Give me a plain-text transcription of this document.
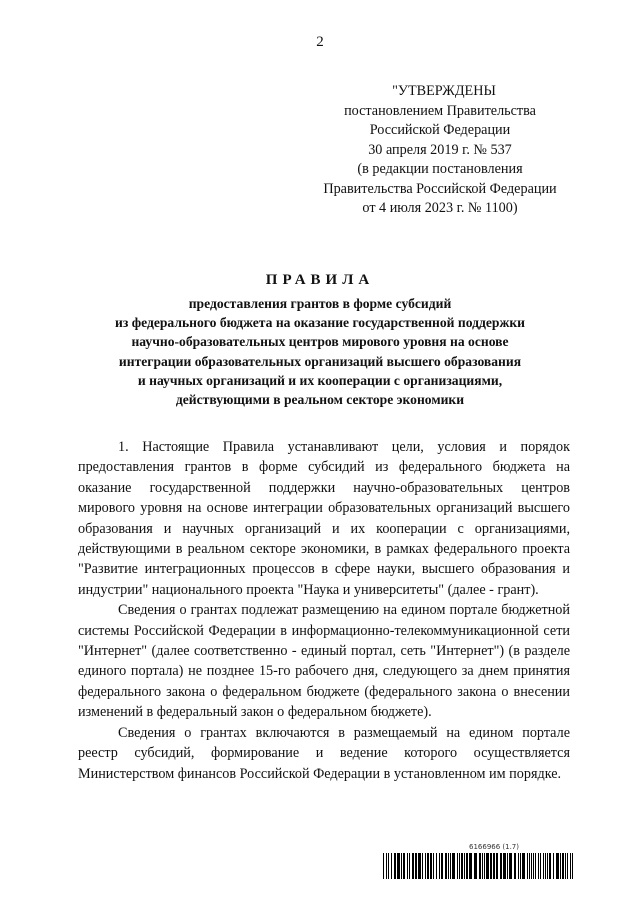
2
"УТВЕРЖДЕНЫ
постановлением Правительства
Российской Федерации
30 апреля 2019 г. № 537
(в редакции постановления
Правительства Российской Федерации
от 4 июля 2023 г. № 1100)
ПРАВИЛА
предоставления грантов в форме субсидий
из федерального бюджета на оказание государственной поддержки
научно-образовательных центров мирового уровня на основе
интеграции образовательных организаций высшего образования
и научных организаций и их кооперации с организациями,
действующими в реальном секторе экономики

1. Настоящие Правила устанавливают цели, условия и порядок предоставления грантов в форме субсидий из федерального бюджета на оказание государственной поддержки научно-образовательных центров мирового уровня на основе интеграции образовательных организаций высшего образования и научных организаций и их кооперации с организациями, действующими в реальном секторе экономики, в рамках федерального проекта "Развитие интеграционных процессов в сфере науки, высшего образования и индустрии" национального проекта "Наука и университеты" (далее - грант).

Сведения о грантах подлежат размещению на едином портале бюджетной системы Российской Федерации в информационно-телекоммуникационной сети "Интернет" (далее соответственно - единый портал, сеть "Интернет") (в разделе единого портала) не позднее 15-го рабочего дня, следующего за днем принятия федерального закона о федеральном бюджете (федерального закона о внесении изменений в федеральный закон о федеральном бюджете).

Сведения о грантах включаются в размещаемый на едином портале реестр субсидий, формирование и ведение которого осуществляется Министерством финансов Российской Федерации в установленном им порядке.

6166966 (1.7)
